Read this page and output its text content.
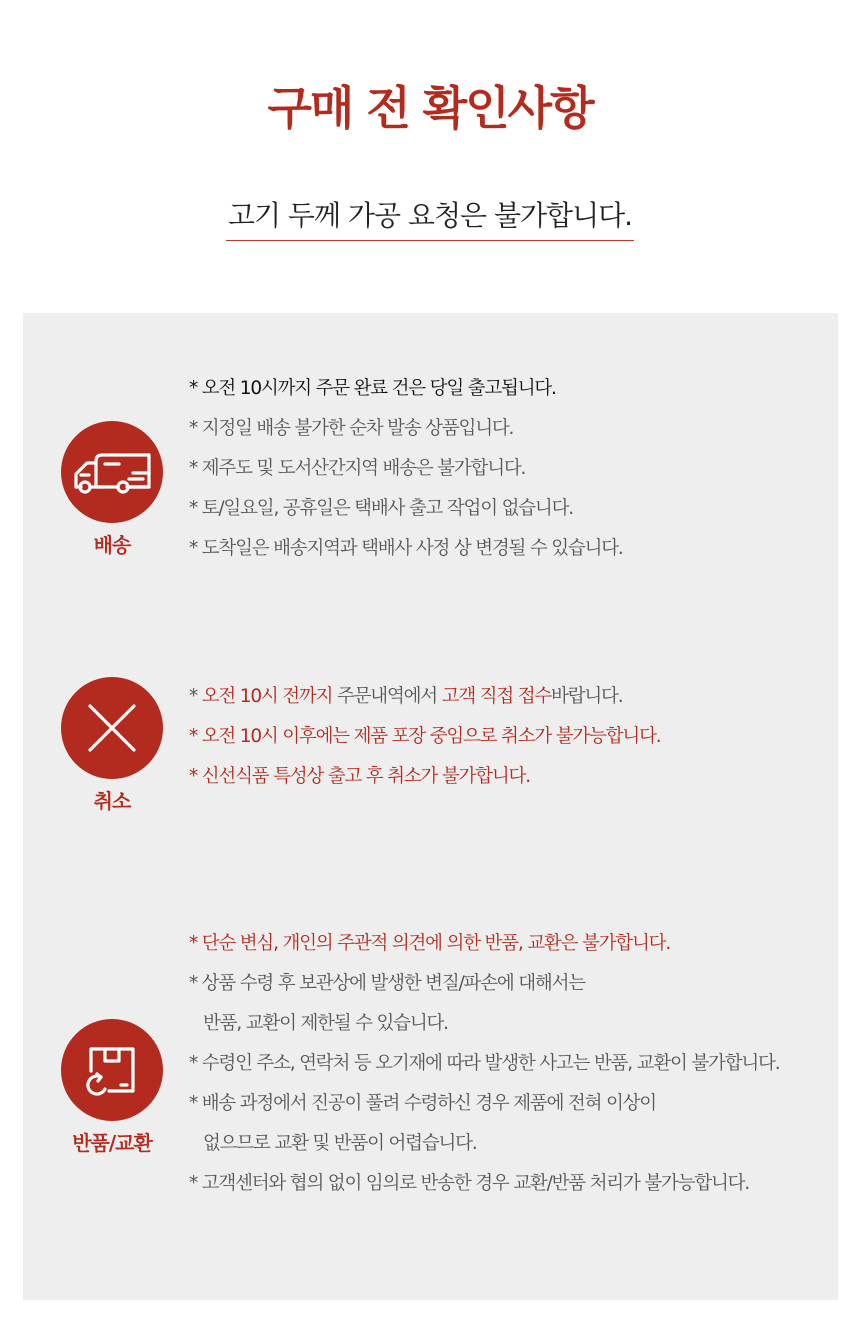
구매 전 확인사항
고기 두께 가공 요청은 불가합니다.
배송
* 오전 10시까지 주문 완료 건은 당일 출고됩니다.
* 지정일 배송 불가한 순차 발송 상품입니다.
* 제주도 및 도서산간지역 배송은 불가합니다.
* 토/일요일, 공휴일은 택배사 출고 작업이 없습니다.
* 도착일은 배송지역과 택배사 사정 상 변경될 수 있습니다.
취소
* 오전 10시 전까지 주문내역에서 고객 직접 접수바랍니다.
* 오전 10시 이후에는 제품 포장 중임으로 취소가 불가능합니다.
* 신선식품 특성상 출고 후 취소가 불가합니다.
반품/교환
* 단순 변심, 개인의 주관적 의견에 의한 반품, 교환은 불가합니다.
* 상품 수령 후 보관상에 발생한 변질/파손에 대해서는
반품, 교환이 제한될 수 있습니다.
* 수령인 주소, 연락처 등 오기재에 따라 발생한 사고는 반품, 교환이 불가합니다.
* 배송 과정에서 진공이 풀려 수령하신 경우 제품에 전혀 이상이
없으므로 교환 및 반품이 어렵습니다.
* 고객센터와 협의 없이 임의로 반송한 경우 교환/반품 처리가 불가능합니다.
